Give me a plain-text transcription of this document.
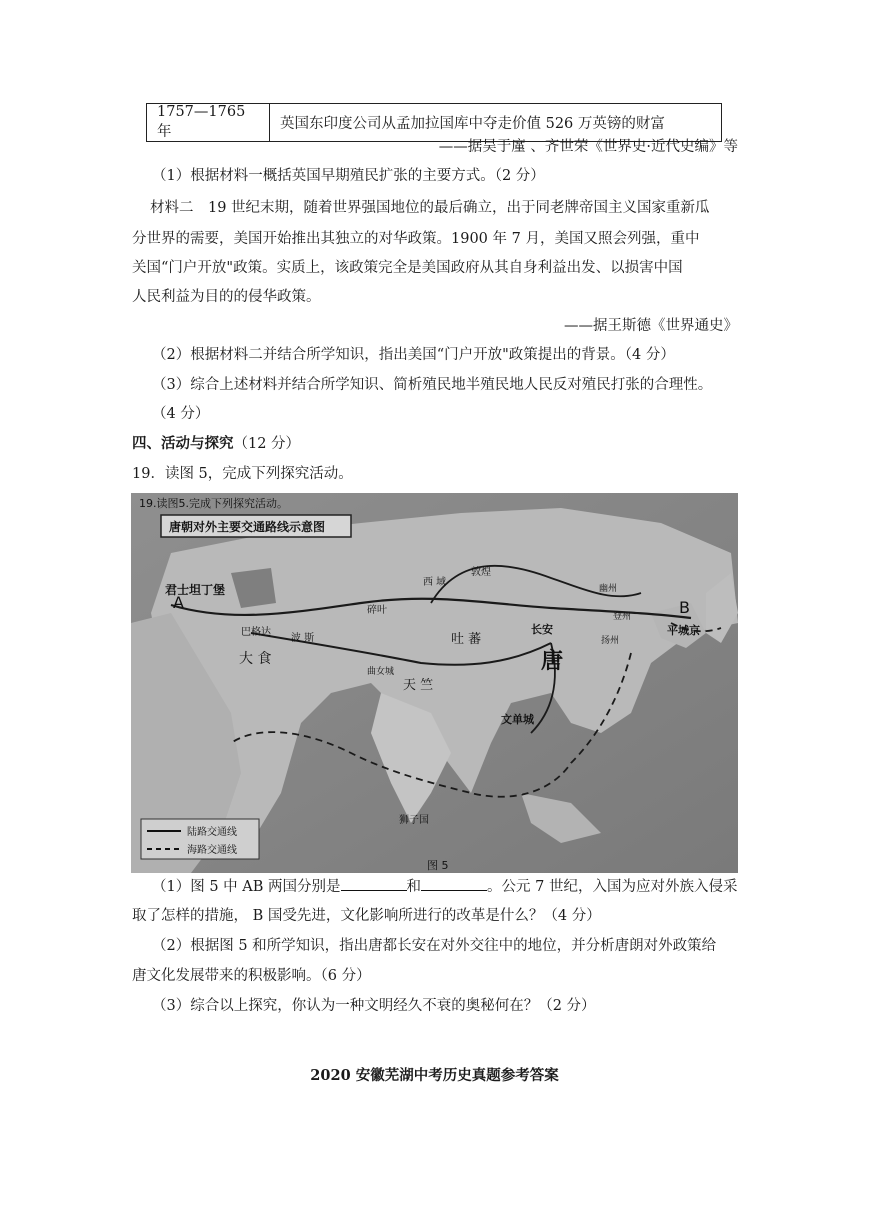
1757—1765 年	英国东印度公司从孟加拉国库中夺走价值 526 万英镑的财富
——据吴于廑 、齐世荣《世界史·近代史编》等
（1）根据材料一概括英国早期殖民扩张的主要方式。（2 分）
材料二　19 世纪末期，随着世界强国地位的最后确立，出于同老牌帝国主义国家重新瓜
分世界的需要，美国开始推出其独立的对华政策。1900 年 7 月，美国又照会列强，重中
关国“门户开放"政策。实质上，该政策完全是美国政府从其自身利益出发、以损害中国
人民利益为目的的侵华政策。
——据王斯德《世界通史》
（2）根据材料二并结合所学知识，指出美国“门户开放"政策提出的背景。（4 分）
（3）综合上述材料并结合所学知识、简析殖民地半殖民地人民反对殖民打张的合理性。
（4 分）
四、活动与探究（12 分）
19．读图 5，完成下列探究活动。
19.读图5.完成下列探究活动。
唐朝对外主要交通路线示意图
君士坦丁堡
A	B
平城京
西 域
敦煌
碎叶
吐 蕃
长安
唐
巴格达
波 斯
大 食
天 竺
曲女城
文单城
狮子国
幽州
登州
扬州
陆路交通线
海路交通线
图 5
（1）图 5 中 AB 两国分别是	和	。公元 7 世纪，入国为应对外族入侵采
取了怎样的措施， B 国受先进，文化影响所进行的改革是什么？（4 分）
（2）根据图 5 和所学知识，指出唐都长安在对外交往中的地位，并分析唐朗对外政策给
唐文化发展带来的积极影响。（6 分）
（3）综合以上探究，你认为一种文明经久不衰的奥秘何在？（2 分）
2020 安徽芜湖中考历史真题参考答案
